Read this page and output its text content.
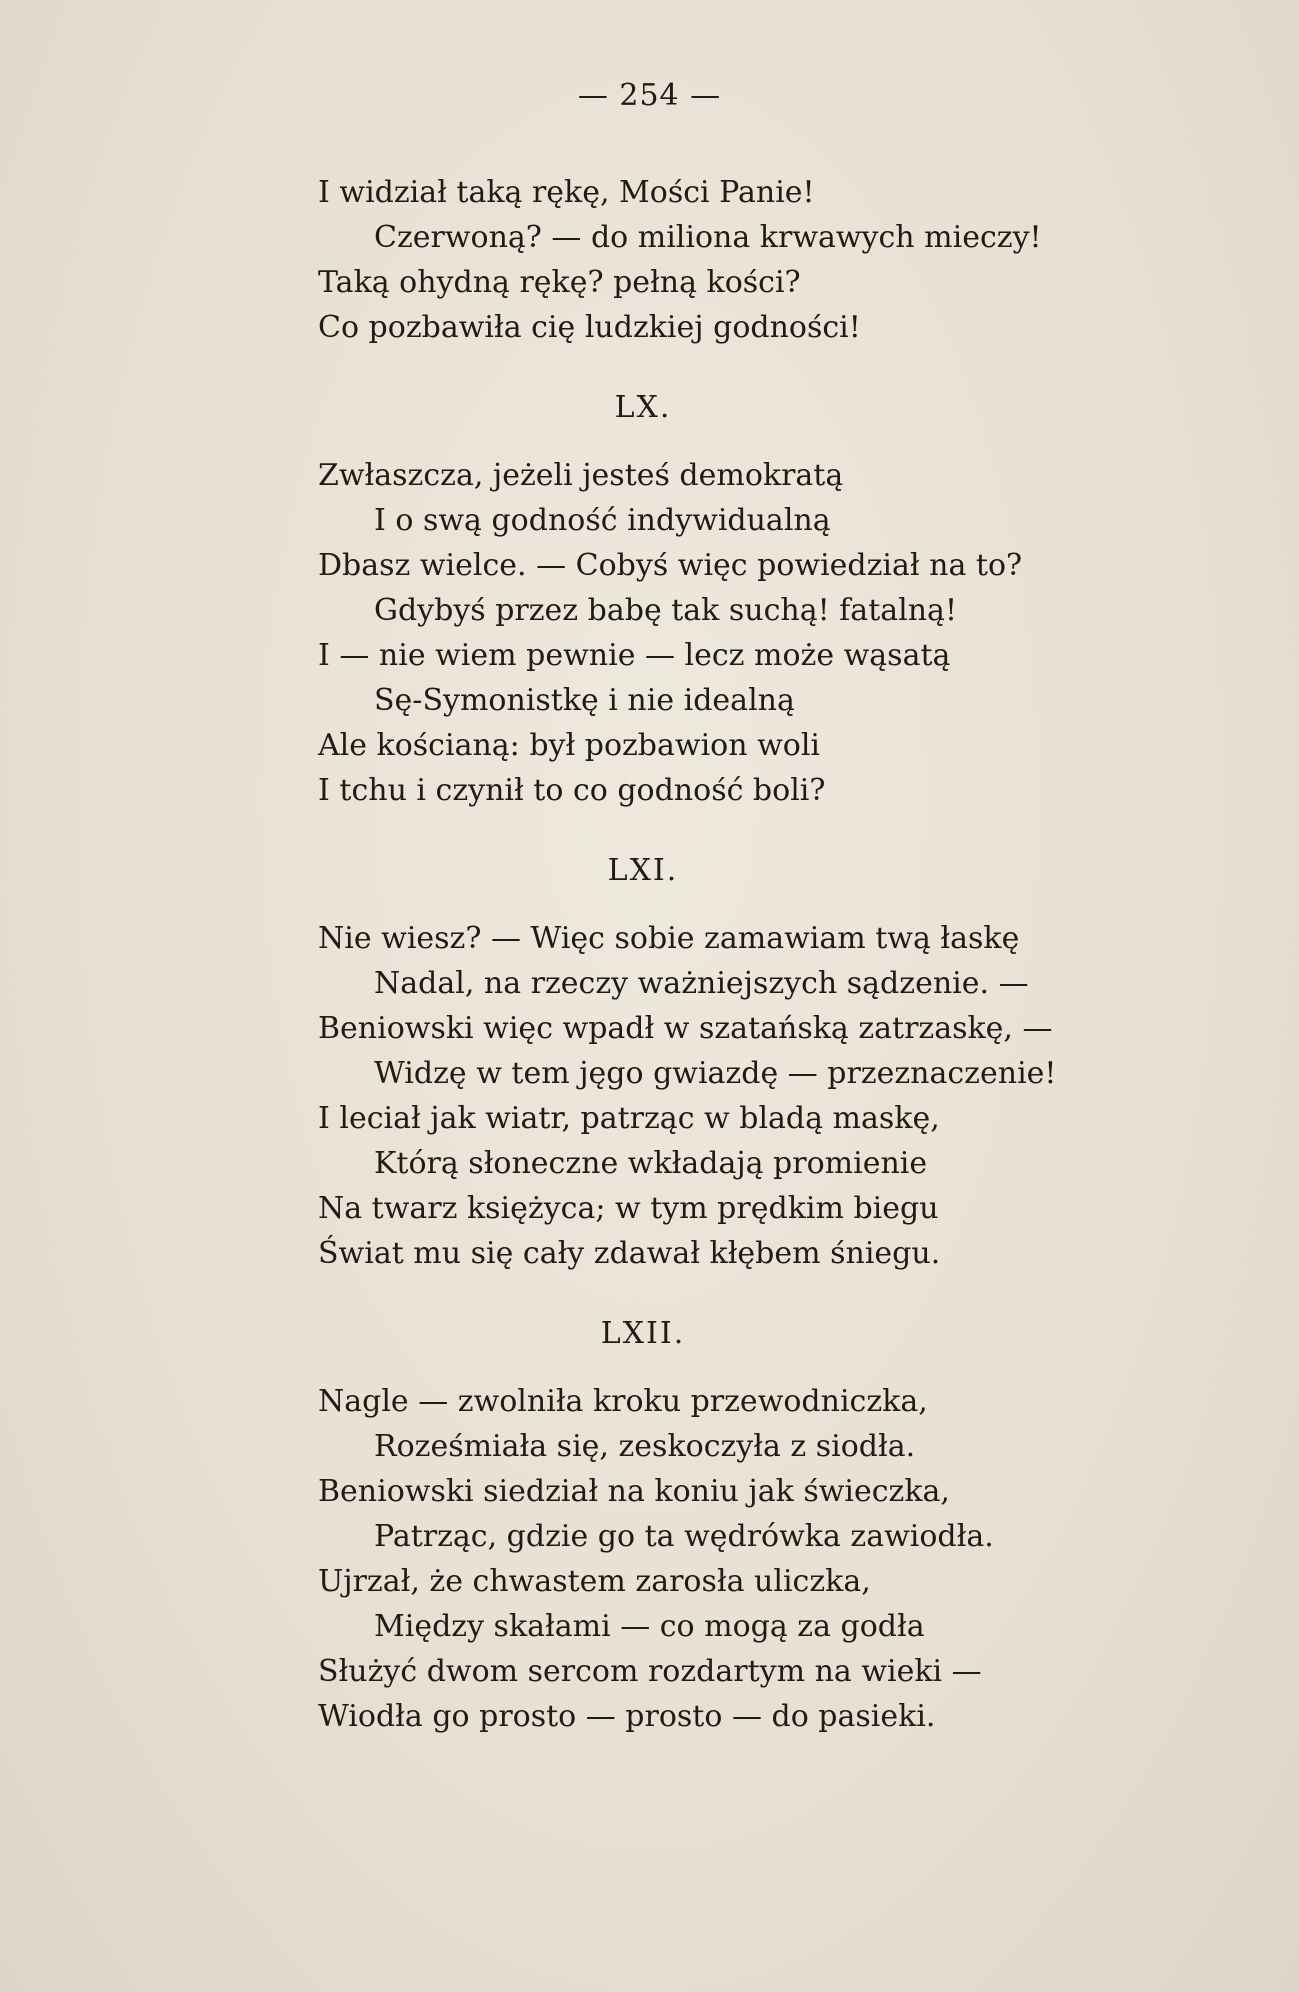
— 254 —

I widział taką rękę, Mości Panie!

Czerwoną? — do miliona krwawych mieczy!

Taką ohydną rękę? pełną kości?

Co pozbawiła cię ludzkiej godności!

LX.

Zwłaszcza, jeżeli jesteś demokratą

I o swą godność indywidualną

Dbasz wielce. — Cobyś więc powiedział na to?

Gdybyś przez babę tak suchą! fatalną!

I — nie wiem pewnie — lecz może wąsatą

Sę-Symonistkę i nie idealną

Ale kościaną: był pozbawion woli

I tchu i czynił to co godność boli?

LXI.

Nie wiesz? — Więc sobie zamawiam twą łaskę

Nadal, na rzeczy ważniejszych sądzenie. —

Beniowski więc wpadł w szatańską zatrzaskę, —

Widzę w tem jęgo gwiazdę — przeznaczenie!

I leciał jak wiatr, patrząc w bladą maskę,

Którą słoneczne wkładają promienie

Na twarz księżyca; w tym prędkim biegu

Świat mu się cały zdawał kłębem śniegu.

LXII.

Nagle — zwolniła kroku przewodniczka,

Roześmiała się, zeskoczyła z siodła.

Beniowski siedział na koniu jak świeczka,

Patrząc, gdzie go ta wędrówka zawiodła.

Ujrzał, że chwastem zarosła uliczka,

Między skałami — co mogą za godła

Służyć dwom sercom rozdartym na wieki —

Wiodła go prosto — prosto — do pasieki.
